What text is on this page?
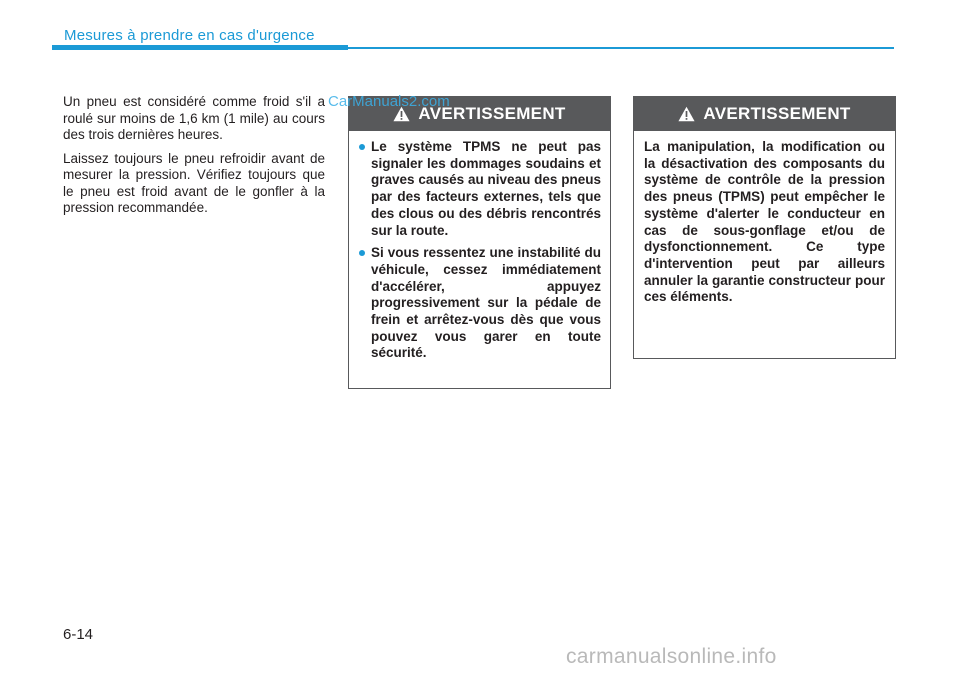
Mesures à prendre en cas d'urgence
CarManuals2.com

Un pneu est considéré comme froid s'il a roulé sur moins de 1,6 km (1 mile) au cours des trois dernières heures.

Laissez toujours le pneu refroidir avant de mesurer la pression. Vérifiez toujours que le pneu est froid avant de le gonfler à la pression recommandée.

AVERTISSEMENT
Le système TPMS ne peut pas signaler les dommages soudains et graves causés au niveau des pneus par des facteurs externes, tels que des clous ou des débris rencontrés sur la route.
Si vous ressentez une instabilité du véhicule, cessez immédiatement d'accélérer, appuyez progressivement sur la pédale de frein et arrêtez-vous dès que vous pouvez vous garer en toute sécurité.
AVERTISSEMENT

La manipulation, la modification ou la désactivation des composants du système de contrôle de la pression des pneus (TPMS) peut empêcher le système d'alerter le conducteur en cas de sous-gonflage et/ou de dysfonctionnement. Ce type d'intervention peut par ailleurs annuler la garantie constructeur pour ces éléments.

6-14
carmanualsonline.info
